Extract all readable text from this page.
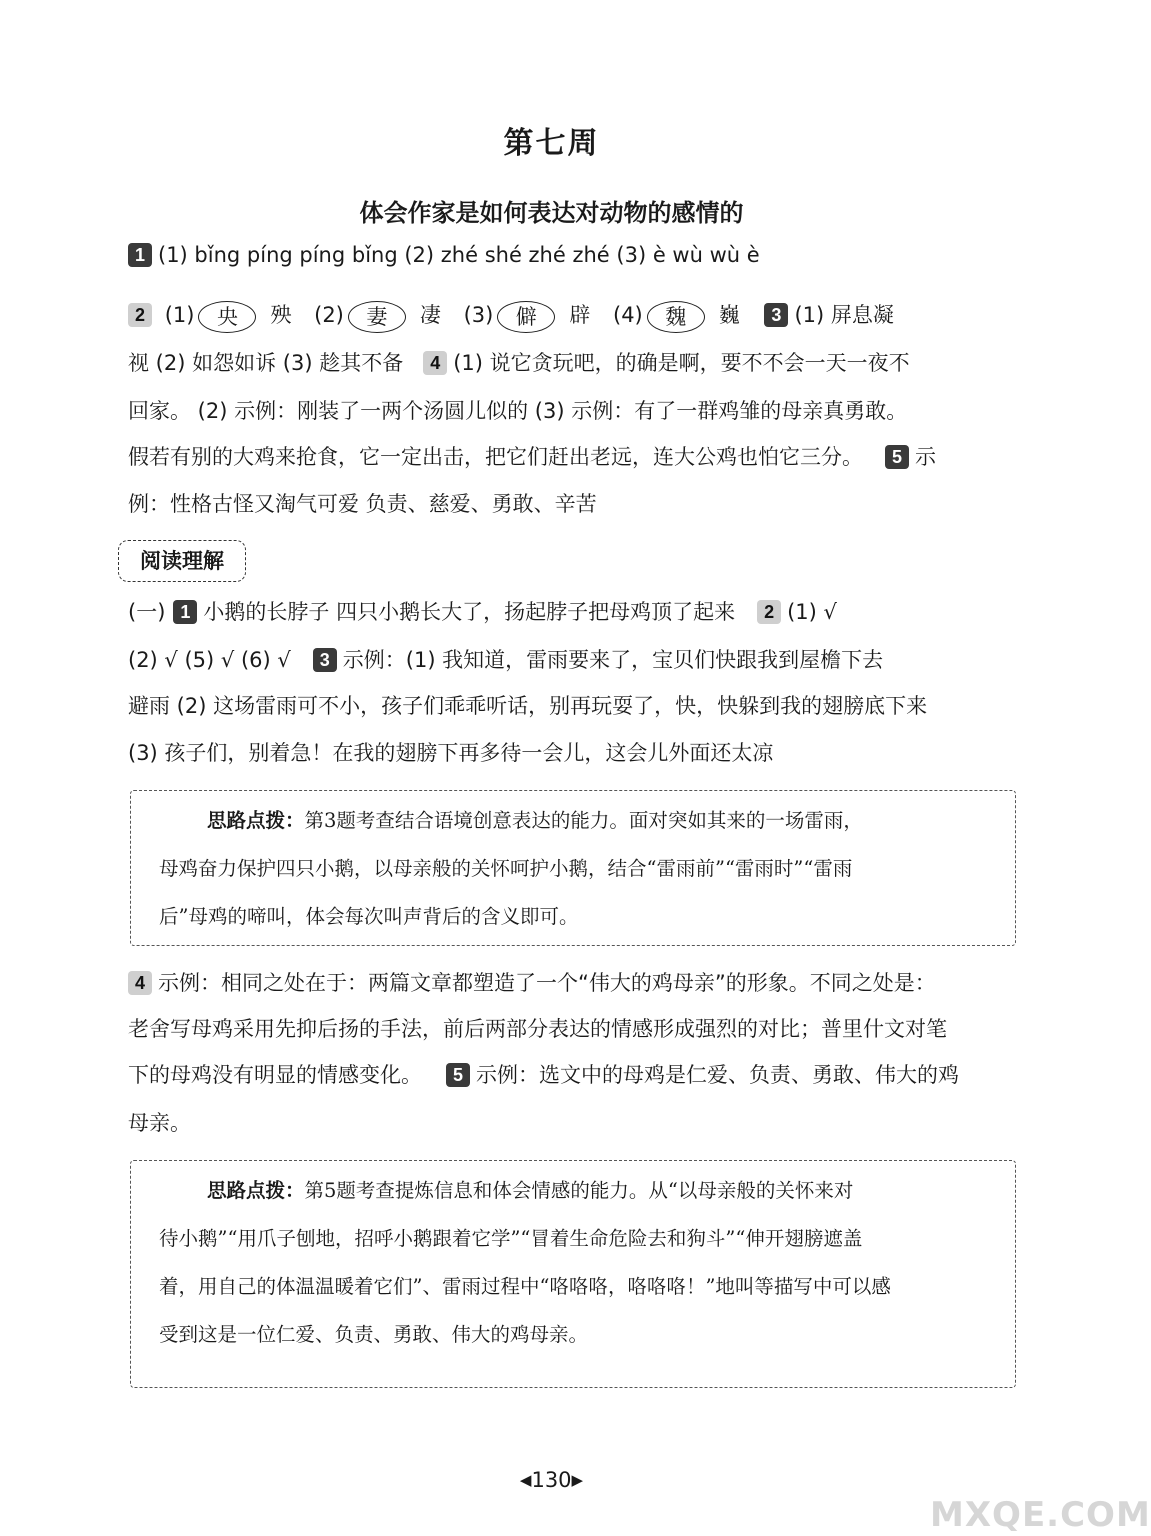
第七周
体会作家是如何表达对动物的感情的
1 (1) bǐng píng píng bǐng (2) zhé shé zhé zhé (3) è wù wù è
2 (1) 央 殃 (2) 妻 凄 (3) 僻 辟 (4) 魏 巍 3 (1) 屏息凝
视 (2) 如怨如诉 (3) 趁其不备 4 (1) 说它贪玩吧，的确是啊，要不不会一天一夜不
回家。 (2) 示例：刚装了一两个汤圆儿似的 (3) 示例：有了一群鸡雏的母亲真勇敢。
假若有别的大鸡来抢食，它一定出击，把它们赶出老远，连大公鸡也怕它三分。 5 示
例：性格古怪又淘气可爱 负责、慈爱、勇敢、辛苦
阅读理解
(一) 1 小鹅的长脖子 四只小鹅长大了，扬起脖子把母鸡顶了起来 2 (1) √
(2) √ (5) √ (6) √ 3 示例：(1) 我知道，雷雨要来了，宝贝们快跟我到屋檐下去
避雨 (2) 这场雷雨可不小，孩子们乖乖听话，别再玩耍了，快，快躲到我的翅膀底下来
(3) 孩子们，别着急！在我的翅膀下再多待一会儿，这会儿外面还太凉

思路点拨：第3题考查结合语境创意表达的能力。面对突如其来的一场雷雨，

母鸡奋力保护四只小鹅，以母亲般的关怀呵护小鹅，结合“雷雨前”“雷雨时”“雷雨

后”母鸡的啼叫，体会每次叫声背后的含义即可。

4 示例：相同之处在于：两篇文章都塑造了一个“伟大的鸡母亲”的形象。不同之处是：
老舍写母鸡采用先抑后扬的手法，前后两部分表达的情感形成强烈的对比；普里什文对笔
下的母鸡没有明显的情感变化。 5 示例：选文中的母鸡是仁爱、负责、勇敢、伟大的鸡
母亲。

思路点拨：第5题考查提炼信息和体会情感的能力。从“以母亲般的关怀来对

待小鹅”“用爪子刨地，招呼小鹅跟着它学”“冒着生命危险去和狗斗”“伸开翅膀遮盖

着，用自己的体温温暖着它们”、雷雨过程中“咯咯咯，咯咯咯！”地叫等描写中可以感

受到这是一位仁爱、负责、勇敢、伟大的鸡母亲。

◀130▶
MXQE.COM
